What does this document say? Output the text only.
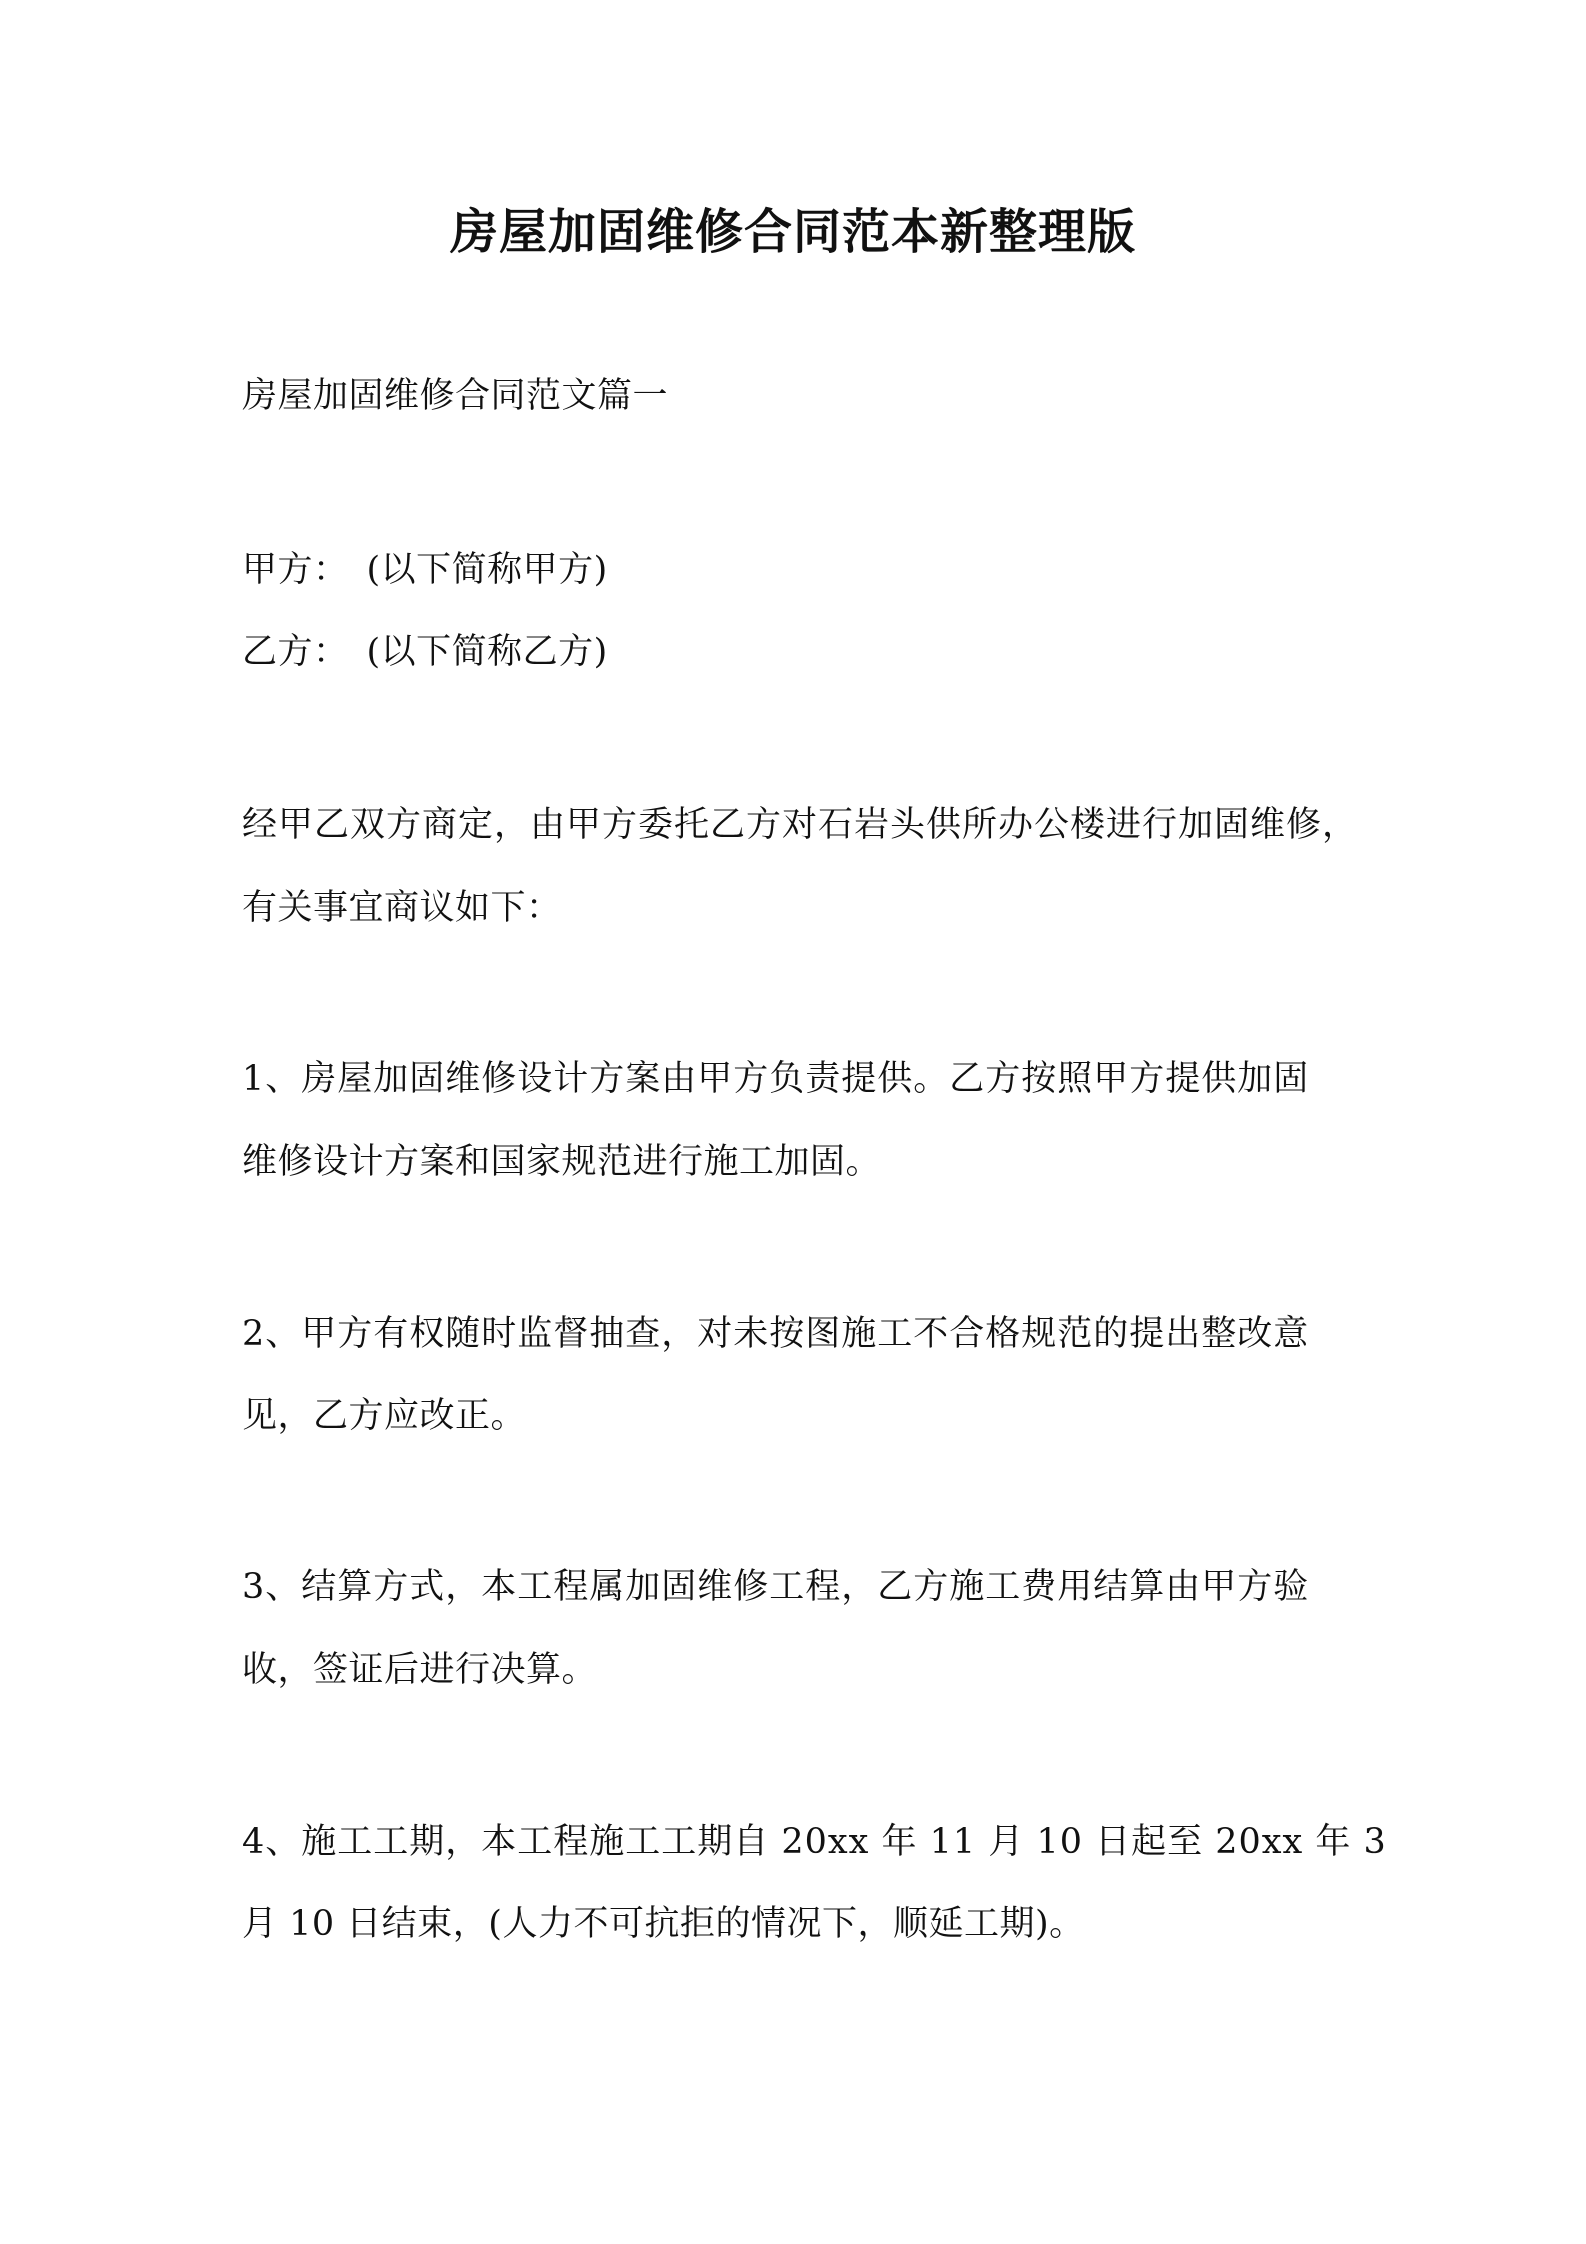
房屋加固维修合同范本新整理版
房屋加固维修合同范文篇一
甲方：　(以下简称甲方)
乙方：　(以下简称乙方)
经甲乙双方商定，由甲方委托乙方对石岩头供所办公楼进行加固维修，
有关事宜商议如下：
1、房屋加固维修设计方案由甲方负责提供。乙方按照甲方提供加固
维修设计方案和国家规范进行施工加固。
2、甲方有权随时监督抽查，对未按图施工不合格规范的提出整改意
见，乙方应改正。
3、结算方式，本工程属加固维修工程，乙方施工费用结算由甲方验
收，签证后进行决算。
4、施工工期，本工程施工工期自 20xx 年 11 月 10 日起至 20xx 年 3
月 10 日结束，(人力不可抗拒的情况下，顺延工期)。
